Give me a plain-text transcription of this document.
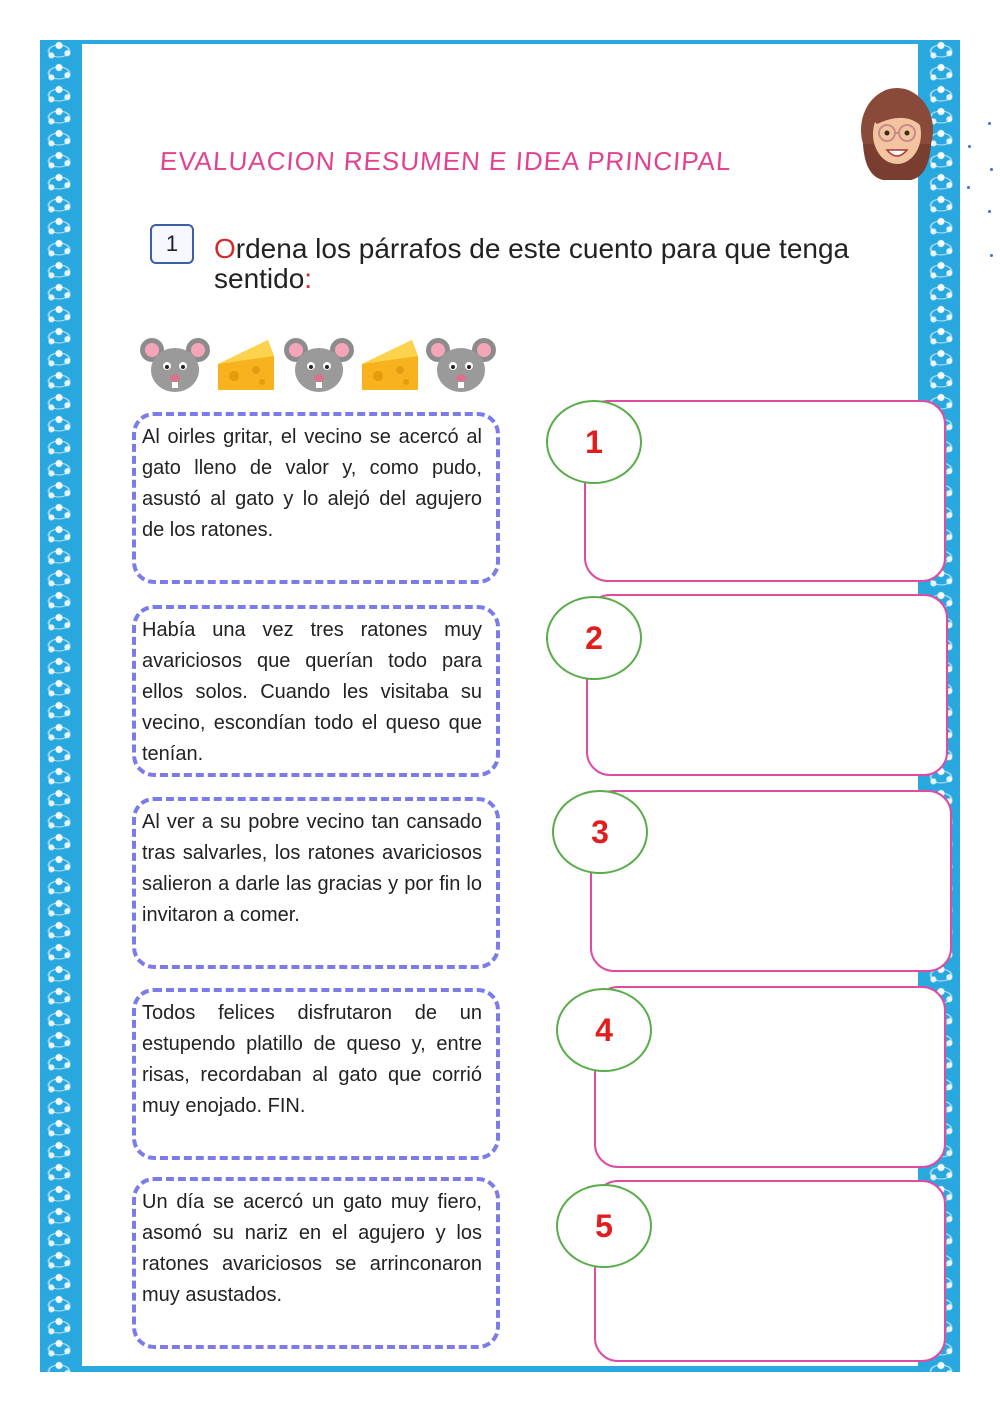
EVALUACION RESUMEN E IDEA PRINCIPAL
1	Ordena los párrafos de este cuento para que tenga sentido:

Al oirles gritar, el vecino se acercó al gato lleno de valor y, como pudo, asustó al gato y lo alejó del agujero de los ratones.
Había una vez tres ratones muy avariciosos que querían todo para ellos solos. Cuando les visitaba su vecino, escondían todo el queso que tenían.
Al ver a su pobre vecino tan cansado tras salvarles, los ratones avariciosos salieron a darle las gracias y por fin lo invitaron a comer.
Todos felices disfrutaron de un estupendo platillo de queso y, entre risas, recordaban al gato que corrió muy enojado. FIN.
Un día se acercó un gato muy fiero, asomó su nariz en el agujero y los ratones avariciosos se arrinconaron muy asustados.
1
2
3
4
5
